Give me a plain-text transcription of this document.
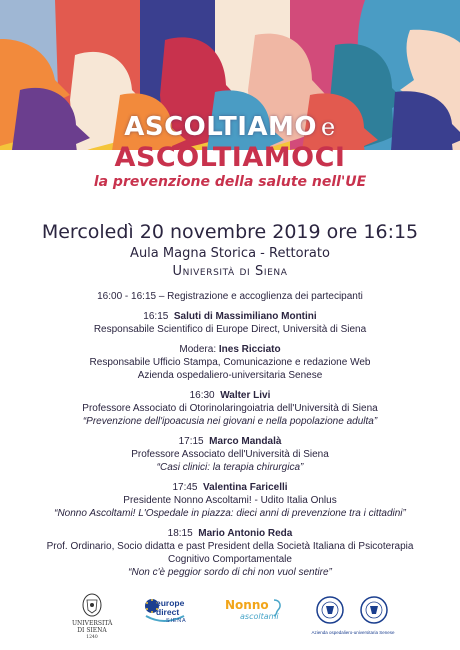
ASCOLTIAMO e
ASCOLTIAMOCI
la prevenzione della salute nell'UE
Mercoledì 20 novembre 2019 ore 16:15
Aula Magna Storica - Rettorato
Università di Siena
16:00 - 16:15 – Registrazione e accoglienza dei partecipanti
16:15 Saluti di Massimiliano Montini
Responsabile Scientifico di Europe Direct, Università di Siena
Modera: Ines Ricciato
Responsabile Ufficio Stampa, Comunicazione e redazione Web
Azienda ospedaliero-universitaria Senese
16:30 Walter Livi
Professore Associato di Otorinolaringoiatria dell'Università di Siena
“Prevenzione dell'ipoacusia nei giovani e nella popolazione adulta”
17:15 Marco Mandalà
Professore Associato dell'Università di Siena
“Casi clinici: la terapia chirurgica”
17:45 Valentina Faricelli
Presidente Nonno Ascoltami! - Udito Italia Onlus
“Nonno Ascoltami! L'Ospedale in piazza: dieci anni di prevenzione tra i cittadini”
18:15 Mario Antonio Reda
Prof. Ordinario, Socio didatta e past President della Società Italiana di Psicoterapia
Cognitivo Comportamentale
“Non c'è peggior sordo di chi non vuol sentire”
UNIVERSITÀ
DI SIENA
1240
europe
direct
SIENA
Nonno
ascoltami
Azienda ospedaliero-universitaria Senese
